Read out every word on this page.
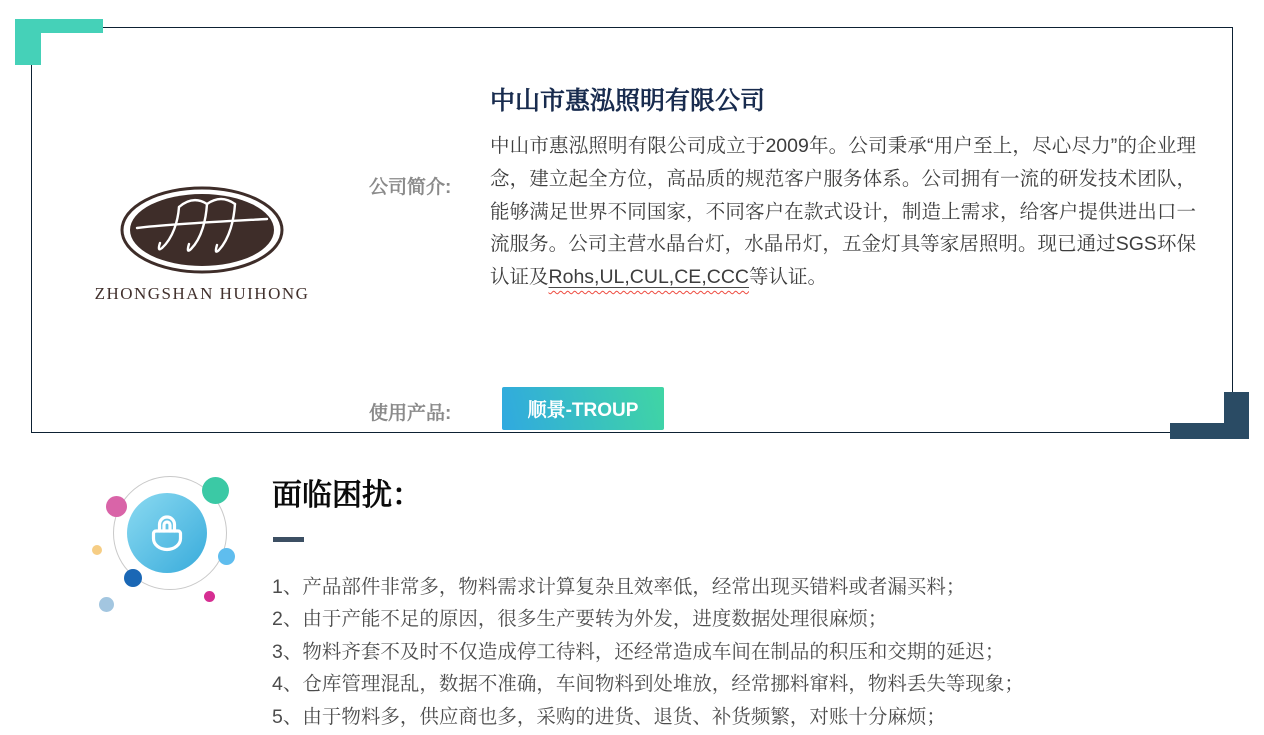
ZHONGSHAN HUIHONG
中山市惠泓照明有限公司
公司简介:

中山市惠泓照明有限公司成立于2009年。公司秉承“用户至上，尽心尽力”的企业理念，建立起全方位，高品质的规范客户服务体系。公司拥有一流的研发技术团队，能够满足世界不同国家，不同客户在款式设计，制造上需求，给客户提供进出口一流服务。公司主营水晶台灯，水晶吊灯，五金灯具等家居照明。现已通过SGS环保认证及Rohs,UL,CUL,CE,CCC等认证。

使用产品:	顺景-TROUP
面临困扰：
1、产品部件非常多，物料需求计算复杂且效率低，经常出现买错料或者漏买料；
2、由于产能不足的原因，很多生产要转为外发，进度数据处理很麻烦；
3、物料齐套不及时不仅造成停工待料，还经常造成车间在制品的积压和交期的延迟；
4、仓库管理混乱，数据不准确，车间物料到处堆放，经常挪料窜料，物料丢失等现象；
5、由于物料多，供应商也多，采购的进货、退货、补货频繁，对账十分麻烦；
